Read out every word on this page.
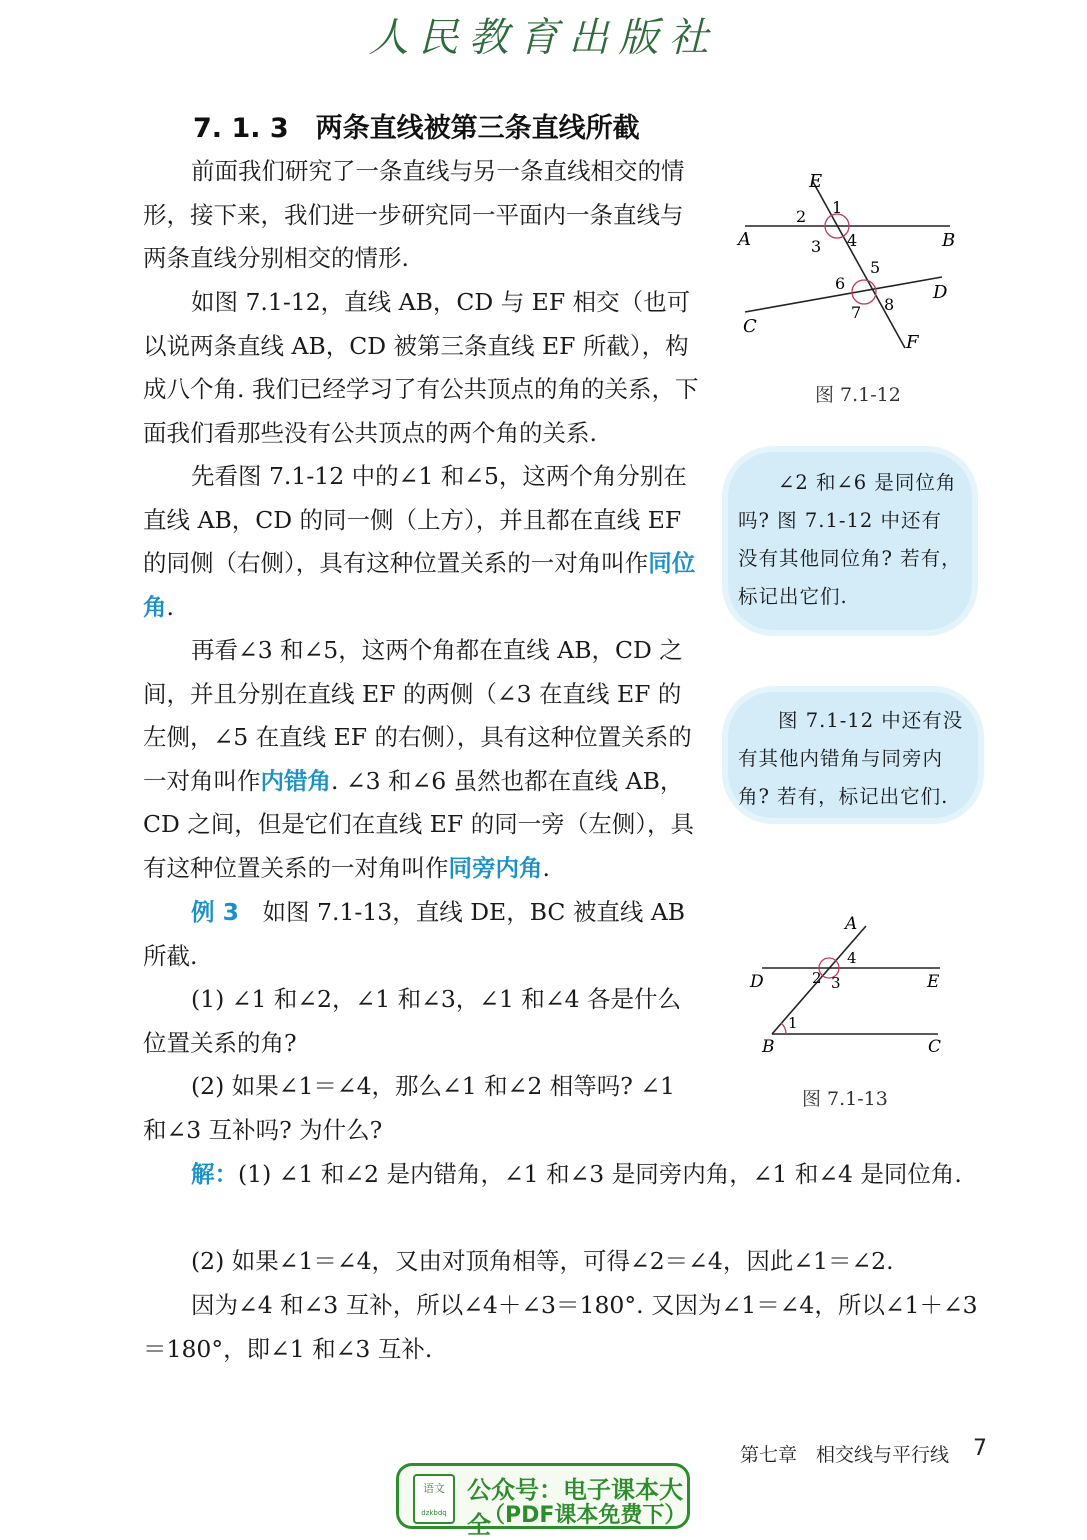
人民教育出版社
7. 1. 3　两条直线被第三条直线所截

前面我们研究了一条直线与另一条直线相交的情形，接下来，我们进一步研究同一平面内一条直线与两条直线分别相交的情形.

如图 7.1-12，直线 AB，CD 与 EF 相交（也可以说两条直线 AB，CD 被第三条直线 EF 所截），构成八个角. 我们已经学习了有公共顶点的角的关系，下面我们看那些没有公共顶点的两个角的关系.

先看图 7.1-12 中的∠1 和∠5，这两个角分别在直线 AB，CD 的同一侧（上方），并且都在直线 EF 的同侧（右侧），具有这种位置关系的一对角叫作同位角.

再看∠3 和∠5，这两个角都在直线 AB，CD 之间，并且分别在直线 EF 的两侧（∠3 在直线 EF 的左侧，∠5 在直线 EF 的右侧），具有这种位置关系的一对角叫作内错角. ∠3 和∠6 虽然也都在直线 AB，CD 之间，但是它们在直线 EF 的同一旁（左侧），具有这种位置关系的一对角叫作同旁内角.

例 3　 如图 7.1-13，直线 DE，BC 被直线 AB 所截.

(1) ∠1 和∠2，∠1 和∠3，∠1 和∠4 各是什么位置关系的角?

(2) 如果∠1＝∠4，那么∠1 和∠2 相等吗? ∠1 和∠3 互补吗? 为什么?

解：(1) ∠1 和∠2 是内错角，∠1 和∠3 是同旁内角，∠1 和∠4 是同位角.

(2) 如果∠1＝∠4，又由对顶角相等，可得∠2＝∠4，因此∠1＝∠2.

因为∠4 和∠3 互补，所以∠4＋∠3＝180°. 又因为∠1＝∠4，所以∠1＋∠3＝180°，即∠1 和∠3 互补.

E
A	B
C
D
F
1
2
3 4
5
6
7 8
图 7.1-12

∠2 和∠6 是同位角吗? 图 7.1-12 中还有没有其他同位角? 若有，标记出它们.

图 7.1-12 中还有没有其他内错角与同旁内角? 若有，标记出它们.

A
D	E
B	C
1
2 3
4
图 7.1-13
第七章　相交线与平行线 7
语文
dzkbdq
公众号：电子课本大全
（PDF课本免费下）
